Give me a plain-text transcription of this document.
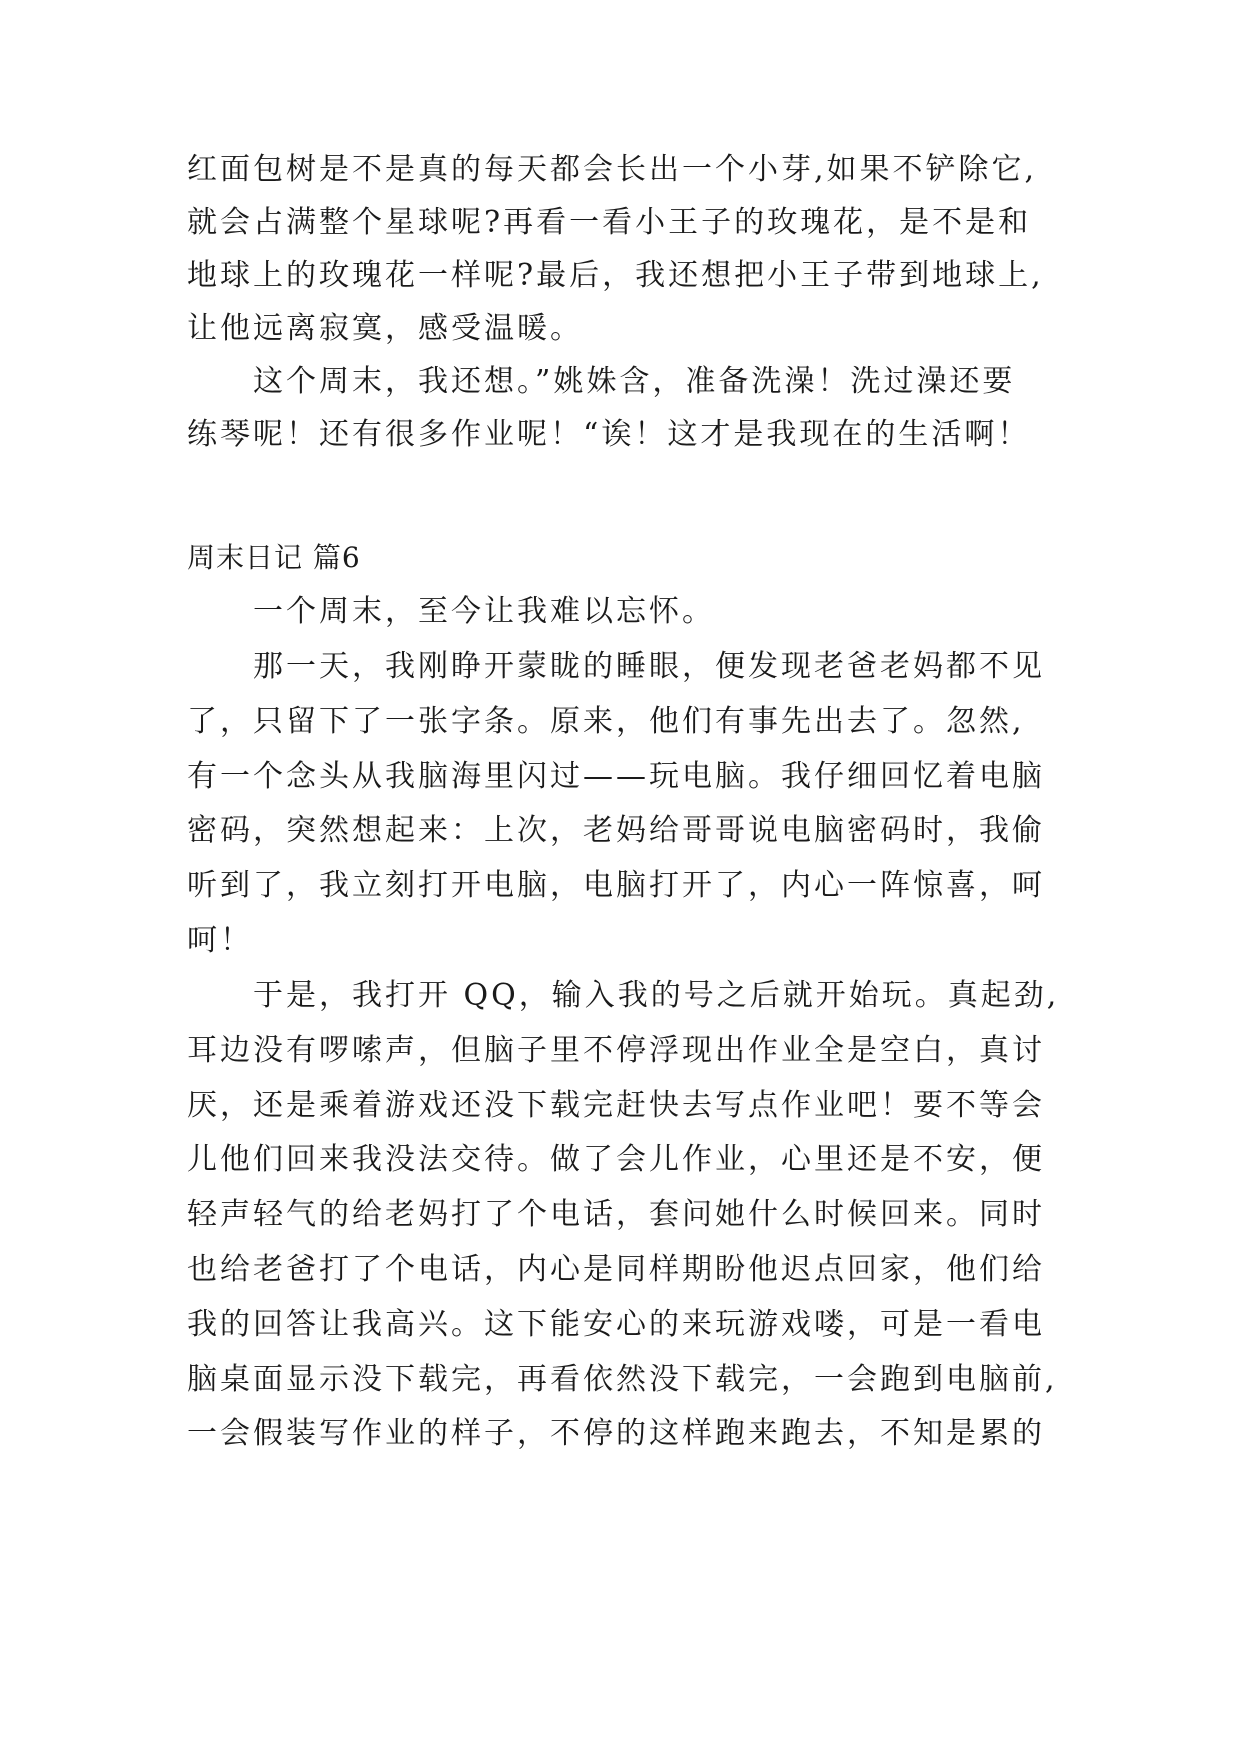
红面包树是不是真的每天都会长出一个小芽,如果不铲除它,
就会占满整个星球呢?再看一看小王子的玫瑰花，是不是和
地球上的玫瑰花一样呢?最后，我还想把小王子带到地球上,
让他远离寂寞，感受温暖。
这个周末，我还想。”姚姝含，准备洗澡！洗过澡还要
练琴呢！还有很多作业呢！“诶！这才是我现在的生活啊！
周末日记 篇6
一个周末，至今让我难以忘怀。
那一天，我刚睁开蒙眬的睡眼，便发现老爸老妈都不见
了，只留下了一张字条。原来，他们有事先出去了。忽然,
有一个念头从我脑海里闪过——玩电脑。我仔细回忆着电脑
密码，突然想起来：上次，老妈给哥哥说电脑密码时，我偷
听到了，我立刻打开电脑，电脑打开了，内心一阵惊喜，呵
呵！
于是，我打开 QQ，输入我的号之后就开始玩。真起劲,
耳边没有啰嗦声，但脑子里不停浮现出作业全是空白，真讨
厌，还是乘着游戏还没下载完赶快去写点作业吧！要不等会
儿他们回来我没法交待。做了会儿作业，心里还是不安，便
轻声轻气的给老妈打了个电话，套问她什么时候回来。同时
也给老爸打了个电话，内心是同样期盼他迟点回家，他们给
我的回答让我高兴。这下能安心的来玩游戏喽，可是一看电
脑桌面显示没下载完，再看依然没下载完，一会跑到电脑前,
一会假装写作业的样子，不停的这样跑来跑去，不知是累的
